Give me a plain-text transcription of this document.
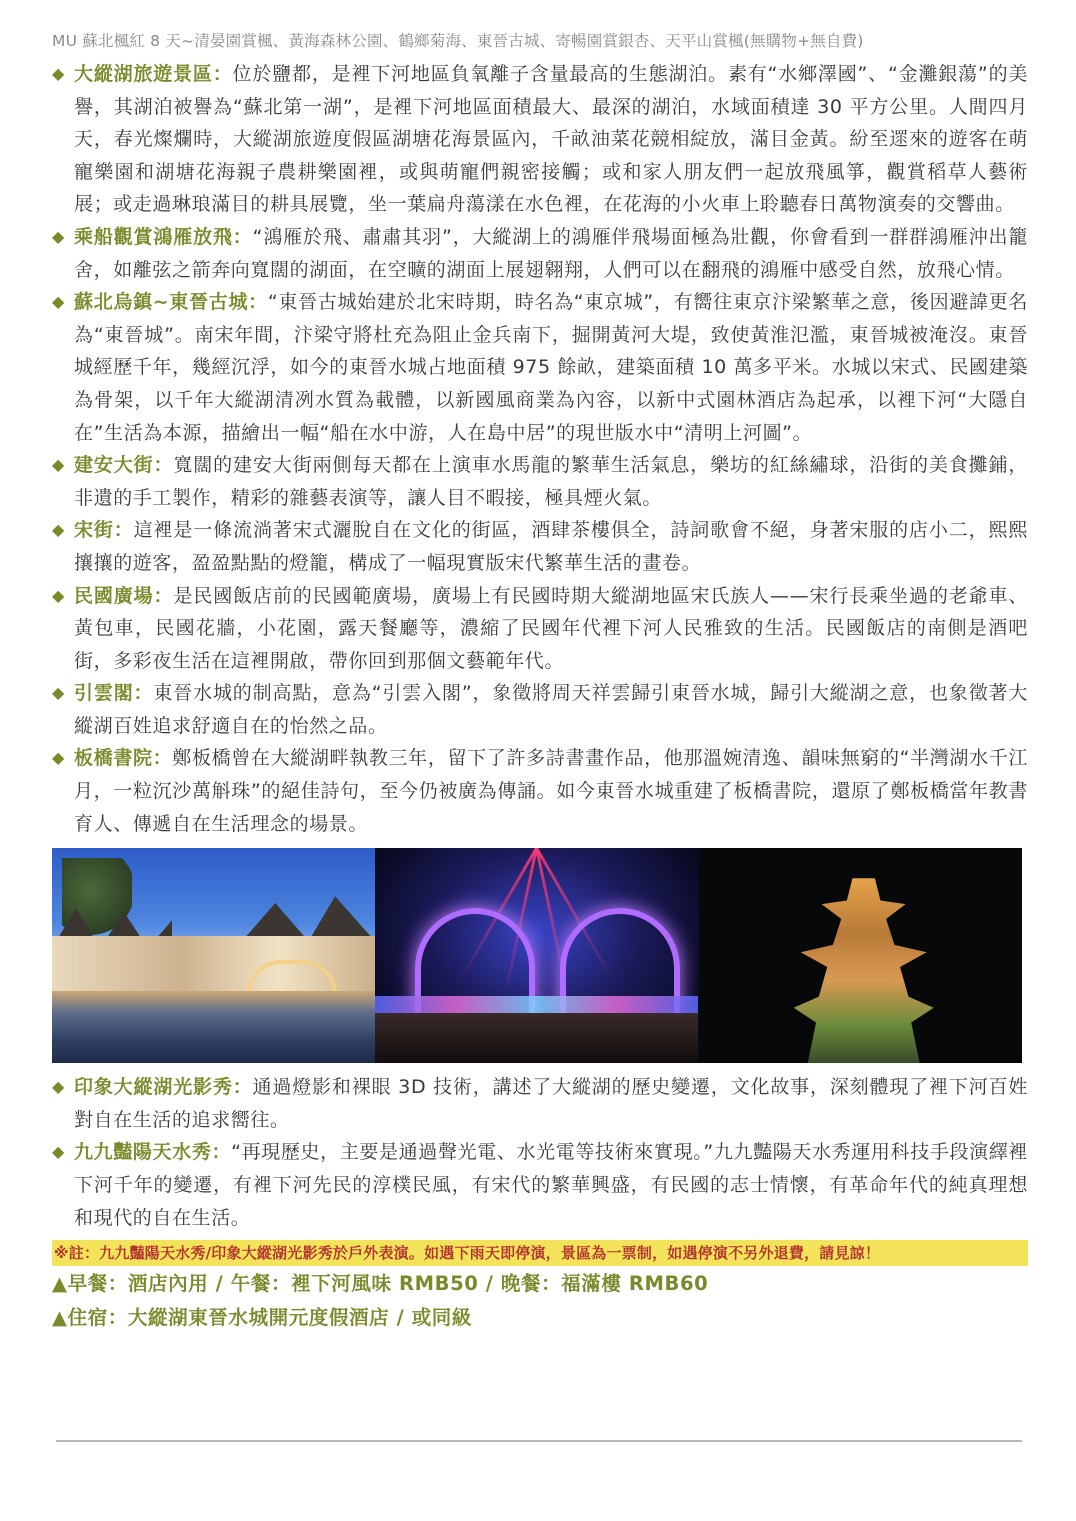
MU 蘇北楓紅 8 天~清晏園賞楓、黃海森林公園、鶴鄉菊海、東晉古城、寄暢園賞銀杏、天平山賞楓(無購物+無自費)

◆ 大縱湖旅遊景區：位於鹽都，是裡下河地區負氧離子含量最高的生態湖泊。素有“水鄉澤國”、“金灘銀蕩”的美譽，其湖泊被譽為“蘇北第一湖”，是裡下河地區面積最大、最深的湖泊，水域面積達 30 平方公里。人間四月天，春光燦爛時，大縱湖旅遊度假區湖塘花海景區內，千畝油菜花競相綻放，滿目金黃。紛至遝來的遊客在萌寵樂園和湖塘花海親子農耕樂園裡，或與萌寵們親密接觸；或和家人朋友們一起放飛風箏，觀賞稻草人藝術展；或走過琳琅滿目的耕具展覽，坐一葉扁舟蕩漾在水色裡，在花海的小火車上聆聽春日萬物演奏的交響曲。

◆ 乘船觀賞鴻雁放飛：“鴻雁於飛、肅肅其羽”，大縱湖上的鴻雁伴飛場面極為壯觀，你會看到一群群鴻雁沖出籠舍，如離弦之箭奔向寬闊的湖面，在空曠的湖面上展翅翱翔，人們可以在翻飛的鴻雁中感受自然，放飛心情。

◆ 蘇北烏鎮~東晉古城：“東晉古城始建於北宋時期，時名為“東京城”，有嚮往東京汴梁繁華之意，後因避諱更名為“東晉城”。南宋年間，汴梁守將杜充為阻止金兵南下，掘開黃河大堤，致使黃淮氾濫，東晉城被淹沒。東晉城經歷千年，幾經沉浮，如今的東晉水城占地面積 975 餘畝，建築面積 10 萬多平米。水城以宋式、民國建築為骨架，以千年大縱湖清冽水質為載體，以新國風商業為內容，以新中式園林酒店為起承，以裡下河“大隱自在”生活為本源，描繪出一幅“船在水中游，人在島中居”的現世版水中“清明上河圖”。

◆ 建安大街：寬闊的建安大街兩側每天都在上演車水馬龍的繁華生活氣息，樂坊的紅絲繡球，沿街的美食攤鋪，非遺的手工製作，精彩的雜藝表演等，讓人目不暇接，極具煙火氣。

◆ 宋街：這裡是一條流淌著宋式灑脫自在文化的街區，酒肆茶樓俱全，詩詞歌會不絕，身著宋服的店小二，熙熙攘攘的遊客，盈盈點點的燈籠，構成了一幅現實版宋代繁華生活的畫卷。

◆ 民國廣場：是民國飯店前的民國範廣場，廣場上有民國時期大縱湖地區宋氏族人——宋行長乘坐過的老爺車、黃包車，民國花牆，小花園，露天餐廳等，濃縮了民國年代裡下河人民雅致的生活。民國飯店的南側是酒吧街，多彩夜生活在這裡開啟，帶你回到那個文藝範年代。

◆ 引雲閣：東晉水城的制高點，意為“引雲入閣”，象徵將周天祥雲歸引東晉水城，歸引大縱湖之意，也象徵著大縱湖百姓追求舒適自在的怡然之品。

◆ 板橋書院：鄭板橋曾在大縱湖畔執教三年，留下了許多詩書畫作品，他那溫婉清逸、韻味無窮的“半灣湖水千江月，一粒沉沙萬斛珠”的絕佳詩句，至今仍被廣為傳誦。如今東晉水城重建了板橋書院，還原了鄭板橋當年教書育人、傳遞自在生活理念的場景。

◆ 印象大縱湖光影秀：通過燈影和裸眼 3D 技術，講述了大縱湖的歷史變遷，文化故事，深刻體現了裡下河百姓對自在生活的追求嚮往。

◆ 九九豔陽天水秀：“再現歷史，主要是通過聲光電、水光電等技術來實現。”九九豔陽天水秀運用科技手段演繹裡下河千年的變遷，有裡下河先民的淳樸民風，有宋代的繁華興盛，有民國的志士情懷，有革命年代的純真理想和現代的自在生活。

※註：九九豔陽天水秀/印象大縱湖光影秀於戶外表演。如遇下雨天即停演，景區為一票制，如遇停演不另外退費，請見諒！
▲早餐：酒店內用 / 午餐：裡下河風味 RMB50 / 晚餐：福滿樓 RMB60
▲住宿：大縱湖東晉水城開元度假酒店 / 或同級
